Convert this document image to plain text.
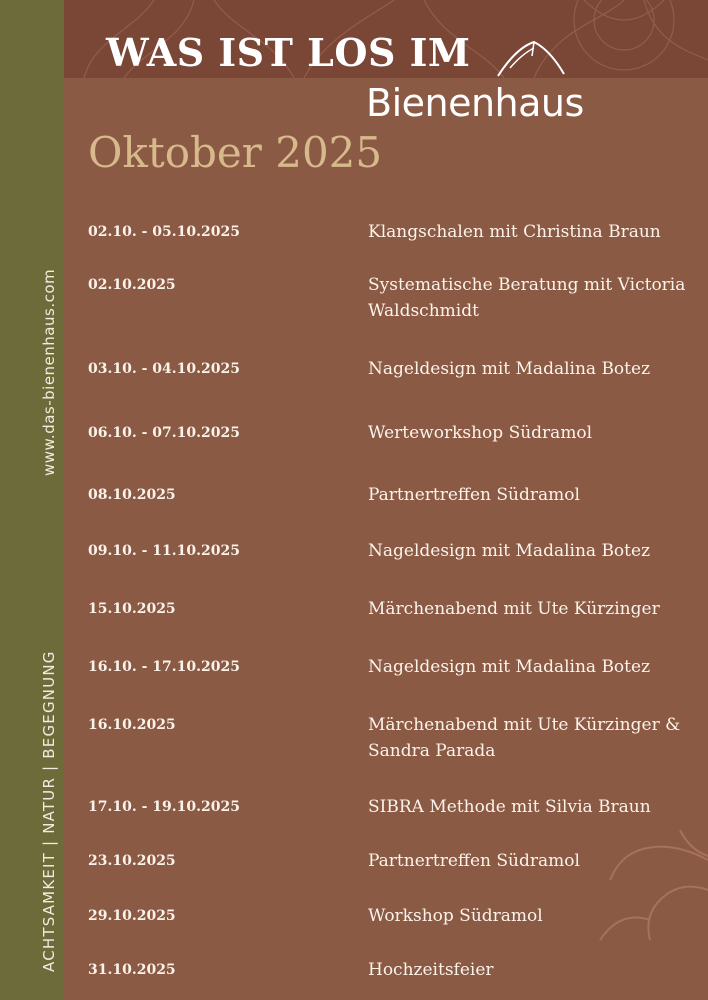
www.das-bienenhaus.com
ACHTSAMKEIT | NATUR | BEGEGNUNG
WAS IST LOS IM
Bienenhaus
Oktober 2025
02.10. - 05.10.2025	Klangschalen mit Christina Braun
02.10.2025	Systematische Beratung mit Victoria Waldschmidt
03.10. - 04.10.2025	Nageldesign mit Madalina Botez
06.10. - 07.10.2025	Werteworkshop Südramol
08.10.2025	Partnertreffen Südramol
09.10. - 11.10.2025	Nageldesign mit Madalina Botez
15.10.2025	Märchenabend mit Ute Kürzinger
16.10. - 17.10.2025	Nageldesign mit Madalina Botez
16.10.2025	Märchenabend mit Ute Kürzinger & Sandra Parada
17.10. - 19.10.2025	SIBRA Methode mit Silvia Braun
23.10.2025	Partnertreffen Südramol
29.10.2025	Workshop Südramol
31.10.2025	Hochzeitsfeier
